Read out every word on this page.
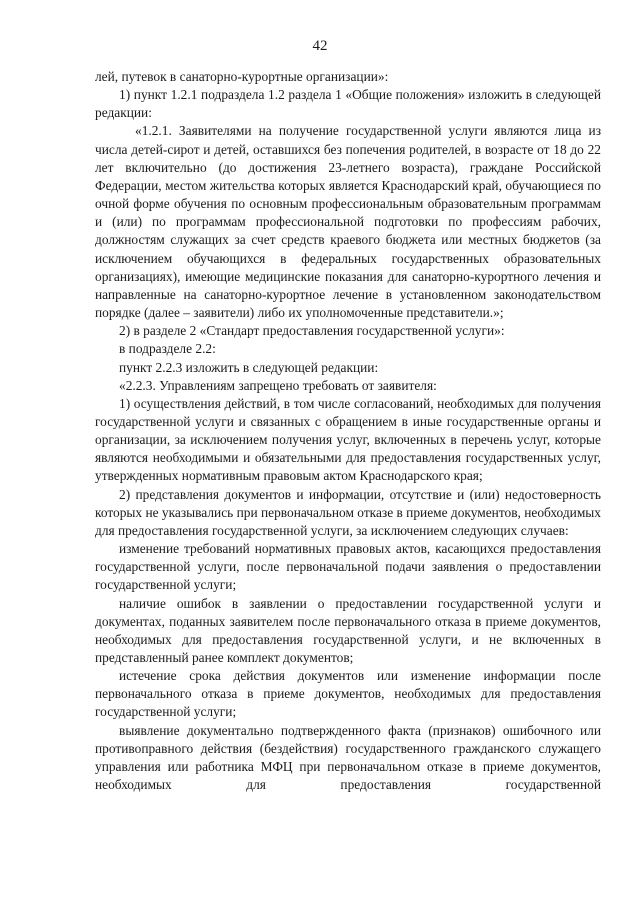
42

лей, путевок в санаторно-курортные организации»:

1) пункт 1.2.1 подраздела 1.2 раздела 1 «Общие положения» изложить в следующей редакции:

«1.2.1. Заявителями на получение государственной услуги являются лица из числа детей-сирот и детей, оставшихся без попечения родителей, в возрасте от 18 до 22 лет включительно (до достижения 23-летнего возраста), граждане Российской Федерации, местом жительства которых является Краснодарский край, обучающиеся по очной форме обучения по основным профессиональным образовательным программам и (или) по программам профессиональной подготовки по профессиям рабочих, должностям служащих за счет средств краевого бюджета или местных бюджетов (за исключением обучающихся в федеральных государственных образовательных организациях), имеющие медицинские показания для санаторно-курортного лечения и направленные на санаторно-курортное лечение в установленном законодательством порядке (далее – заявители) либо их уполномоченные представители.»;

2) в разделе 2 «Стандарт предоставления государственной услуги»:

в подразделе 2.2:

пункт 2.2.3 изложить в следующей редакции:

«2.2.3. Управлениям запрещено требовать от заявителя:

1) осуществления действий, в том числе согласований, необходимых для получения государственной услуги и связанных с обращением в иные государственные органы и организации, за исключением получения услуг, включенных в перечень услуг, которые являются необходимыми и обязательными для предоставления государственных услуг, утвержденных нормативным правовым актом Краснодарского края;

2) представления документов и информации, отсутствие и (или) недостоверность которых не указывались при первоначальном отказе в приеме документов, необходимых для предоставления государственной услуги, за исключением следующих случаев:

изменение требований нормативных правовых актов, касающихся предоставления государственной услуги, после первоначальной подачи заявления о предоставлении государственной услуги;

наличие ошибок в заявлении о предоставлении государственной услуги и документах, поданных заявителем после первоначального отказа в приеме документов, необходимых для предоставления государственной услуги, и не включенных в представленный ранее комплект документов;

истечение срока действия документов или изменение информации после первоначального отказа в приеме документов, необходимых для предоставления государственной услуги;

выявление документально подтвержденного факта (признаков) ошибочного или противоправного действия (бездействия) государственного гражданского служащего управления или работника МФЦ при первоначальном отказе в приеме документов, необходимых для предоставления государственной
